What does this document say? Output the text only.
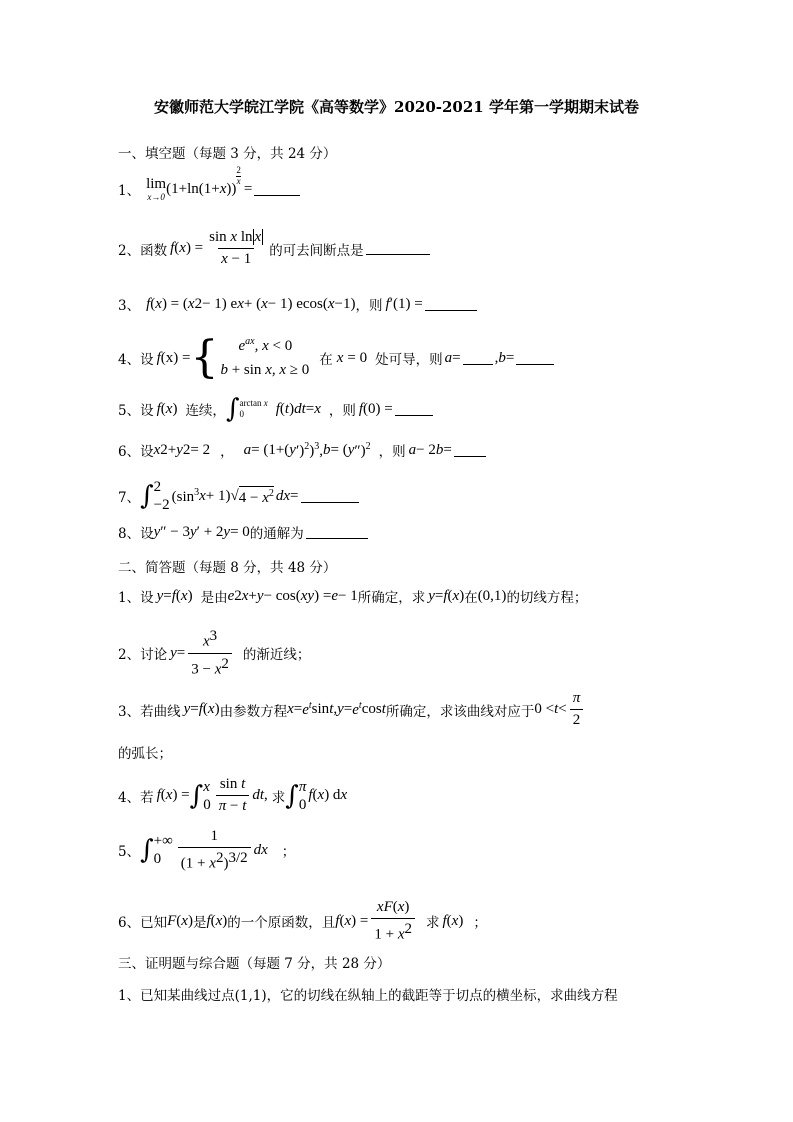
安徽师范大学皖江学院《高等数学》2020-2021 学年第一学期期末试卷
一、填空题（每题 3 分，共 24 分）
1、 lim
x→0 (1+ln(1+x))
$\frac{2}{x}$
=
2、 函数 f ( x ) = $\frac{\text{sin x ln x}}{x - 1}$ 的可去间断点是
3、 f ( x ) = ( x 2 − 1) e x + ( x − 1) e cos(x−1) ，则 f ′(1) =
4、 设 f (x) = {	$e^{ax}$, x < 0
b + sin x, x ≥ 0
在 x = 0 处可导，则 a = , b =
5、 设 f ( x ) 连续， ∫ arctan x
0	f ( t ) dt = x ，则 f (0) =
6、 设 x 2 + y 2 = 2 ， a = (1+( y ′)$^2$)$^3$, b = ( y ″)$^2$ ，则 a − 2 b =
7、 ∫ 2
−2
($\sin^3$ x + 1)√ $4 - x^2$ dx =
8、 设 y ″ − 3 y ′ + 2 y = 0 的通解为
二、简答题（每题 8 分，共 48 分）
1、 设 y = f ( x ) 是由 e 2x+y − cos( xy ) = e − 1 所确定，求 y = f ( x ) 在 (0,1) 的切线方程；
2、 讨论 $y = \frac{x^3}{3 - x^2}$ 的渐近线；
3、 若曲线 y = f ( x ) 由参数方程 $x = e^t$ sin t , $y = e^t$ cos t 所确定，求该曲线对应于 $0 < t < \frac{\pi}{2}$
的弧长；
4、 若 f ( x ) = ∫ x
$0 \frac{\text{sin t}}{\pi - t}$ dt , 求 ∫ π
0
f ( x ) d x
5、 ∫ +∞
0	$\frac{1}{(1 + x^2)^{3/2}}$ dx ；
6、 已知 F ( x ) 是 f ( x ) 的一个原函数，且 f ( x ) = $\frac{xF(x)}{1 + x^2}$ 求 f ( x ) ；
三、证明题与综合题（每题 7 分，共 28 分）
1、 已知某曲线过点(1,1)，它的切线在纵轴上的截距等于切点的横坐标，求曲线方程
